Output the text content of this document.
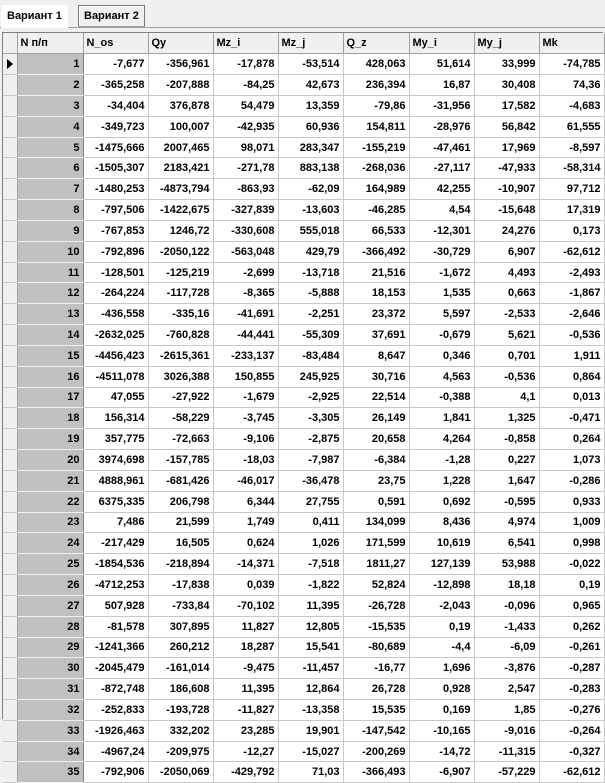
Вариант 1	Вариант 2
	N п/п	N_os	Qy	Mz_i	Mz_j	Q_z	My_i	My_j	Mk

	1	-7,677	-356,961	-17,878	-53,514	428,063	51,614	33,999	-74,785
	2	-365,258	-207,888	-84,25	42,673	236,394	16,87	30,408	74,36
	3	-34,404	376,878	54,479	13,359	-79,86	-31,956	17,582	-4,683
	4	-349,723	100,007	-42,935	60,936	154,811	-28,976	56,842	61,555
	5	-1475,666	2007,465	98,071	283,347	-155,219	-47,461	17,969	-8,597
	6	-1505,307	2183,421	-271,78	883,138	-268,036	-27,117	-47,933	-58,314
	7	-1480,253	-4873,794	-863,93	-62,09	164,989	42,255	-10,907	97,712
	8	-797,506	-1422,675	-327,839	-13,603	-46,285	4,54	-15,648	17,319
	9	-767,853	1246,72	-330,608	555,018	66,533	-12,301	24,276	0,173
	10	-792,896	-2050,122	-563,048	429,79	-366,492	-30,729	6,907	-62,612
	11	-128,501	-125,219	-2,699	-13,718	21,516	-1,672	4,493	-2,493
	12	-264,224	-117,728	-8,365	-5,888	18,153	1,535	0,663	-1,867
	13	-436,558	-335,16	-41,691	-2,251	23,372	5,597	-2,533	-2,646
	14	-2632,025	-760,828	-44,441	-55,309	37,691	-0,679	5,621	-0,536
	15	-4456,423	-2615,361	-233,137	-83,484	8,647	0,346	0,701	1,911
	16	-4511,078	3026,388	150,855	245,925	30,716	4,563	-0,536	0,864
	17	47,055	-27,922	-1,679	-2,925	22,514	-0,388	4,1	0,013
	18	156,314	-58,229	-3,745	-3,305	26,149	1,841	1,325	-0,471
	19	357,775	-72,663	-9,106	-2,875	20,658	4,264	-0,858	0,264
	20	3974,698	-157,785	-18,03	-7,987	-6,384	-1,28	0,227	1,073
	21	4888,961	-681,426	-46,017	-36,478	23,75	1,228	1,647	-0,286
	22	6375,335	206,798	6,344	27,755	0,591	0,692	-0,595	0,933
	23	7,486	21,599	1,749	0,411	134,099	8,436	4,974	1,009
	24	-217,429	16,505	0,624	1,026	171,599	10,619	6,541	0,998
	25	-1854,536	-218,894	-14,371	-7,518	1811,27	127,139	53,988	-0,022
	26	-4712,253	-17,838	0,039	-1,822	52,824	-12,898	18,18	0,19
	27	507,928	-733,84	-70,102	11,395	-26,728	-2,043	-0,096	0,965
	28	-81,578	307,895	11,827	12,805	-15,535	0,19	-1,433	0,262
	29	-1241,366	260,212	18,287	15,541	-80,689	-4,4	-6,09	-0,261
	30	-2045,479	-161,014	-9,475	-11,457	-16,77	1,696	-3,876	-0,287
	31	-872,748	186,608	11,395	12,864	26,728	0,928	2,547	-0,283
	32	-252,833	-193,728	-11,827	-13,358	15,535	0,169	1,85	-0,276
	33	-1926,463	332,202	23,285	19,901	-147,542	-10,165	-9,016	-0,264
	34	-4967,24	-209,975	-12,27	-15,027	-200,269	-14,72	-11,315	-0,327
	35	-792,906	-2050,069	-429,792	71,03	-366,493	-6,907	-57,229	-62,612
